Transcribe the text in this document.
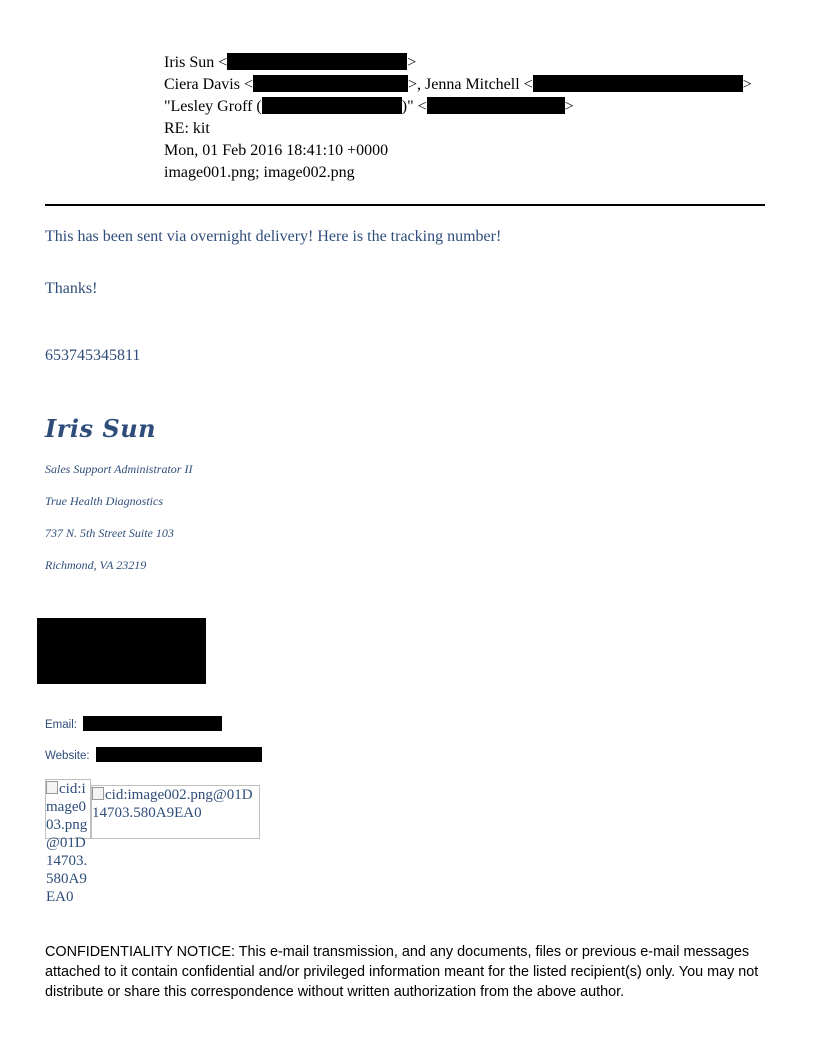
Iris Sun <	>
Ciera Davis <	>, Jenna Mitchell <	>
"Lesley Groff (	)" <	>
RE: kit
Mon, 01 Feb 2016 18:41:10 +0000
image001.png; image002.png
This has been sent via overnight delivery! Here is the tracking number!
Thanks!
653745345811
Iris Sun
Sales Support Administrator II
True Health Diagnostics
737 N. 5th Street Suite 103
Richmond, VA 23219
Email:
Website:
cid:image003.png@01D14703.580A9EA0
cid:image002.png@01D14703.580A9EA0
CONFIDENTIALITY NOTICE: This e-mail transmission, and any documents, files or previous e-mail messages attached to it contain confidential and/or privileged information meant for the listed recipient(s) only. You may not distribute or share this correspondence without written authorization from the above author.
